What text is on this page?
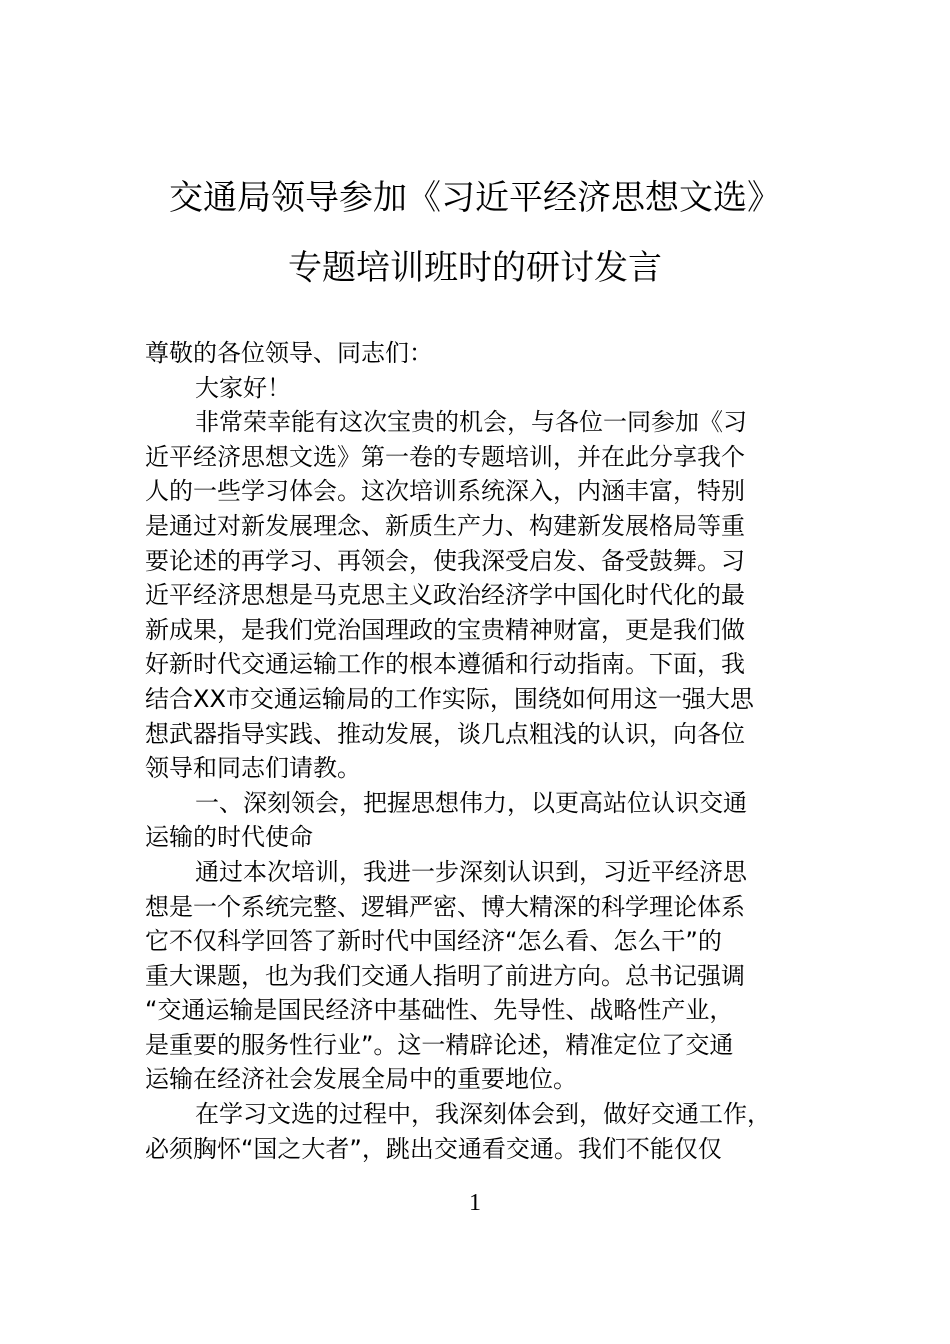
交通局领导参加《习近平经济思想文选》
专题培训班时的研讨发言
尊敬的各位领导、同志们：
大家好！
非常荣幸能有这次宝贵的机会，与各位一同参加《习
近平经济思想文选》第一卷的专题培训，并在此分享我个
人的一些学习体会。这次培训系统深入，内涵丰富，特别
是通过对新发展理念、新质生产力、构建新发展格局等重
要论述的再学习、再领会，使我深受启发、备受鼓舞。习
近平经济思想是马克思主义政治经济学中国化时代化的最
新成果，是我们党治国理政的宝贵精神财富，更是我们做
好新时代交通运输工作的根本遵循和行动指南。下面，我
结合XX市交通运输局的工作实际，围绕如何用这一强大思
想武器指导实践、推动发展，谈几点粗浅的认识，向各位
领导和同志们请教。
一、深刻领会，把握思想伟力，以更高站位认识交通
运输的时代使命
通过本次培训，我进一步深刻认识到，习近平经济思
想是一个系统完整、逻辑严密、博大精深的科学理论体系
它不仅科学回答了新时代中国经济“怎么看、怎么干”的
重大课题，也为我们交通人指明了前进方向。总书记强调
“交通运输是国民经济中基础性、先导性、战略性产业，
是重要的服务性行业”。这一精辟论述，精准定位了交通
运输在经济社会发展全局中的重要地位。
在学习文选的过程中，我深刻体会到，做好交通工作，
必须胸怀“国之大者”，跳出交通看交通。我们不能仅仅
1
